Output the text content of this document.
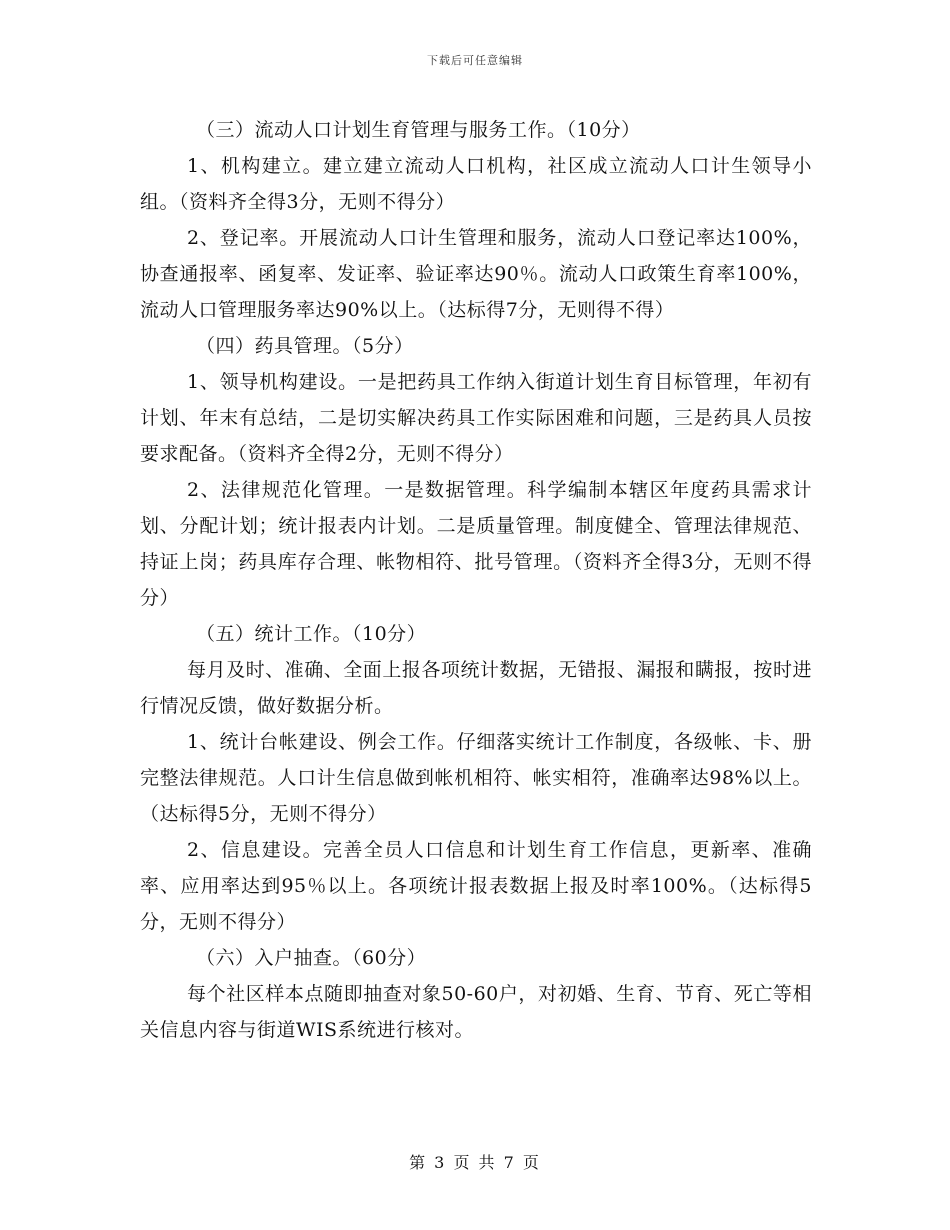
下载后可任意编辑

（三）流动人口计划生育管理与服务工作。（10分）

1、机构建立。建立建立流动人口机构，社区成立流动人口计生领导小组。（资料齐全得3分，无则不得分）

2、登记率。开展流动人口计生管理和服务，流动人口登记率达100%，协查通报率、函复率、发证率、验证率达90％。流动人口政策生育率100%，流动人口管理服务率达90%以上。（达标得7分，无则得不得）

（四）药具管理。（5分）

1、领导机构建设。一是把药具工作纳入街道计划生育目标管理，年初有计划、年末有总结，二是切实解决药具工作实际困难和问题，三是药具人员按要求配备。（资料齐全得2分，无则不得分）

2、法律规范化管理。一是数据管理。科学编制本辖区年度药具需求计划、分配计划；统计报表内计划。二是质量管理。制度健全、管理法律规范、持证上岗；药具库存合理、帐物相符、批号管理。（资料齐全得3分，无则不得分）

（五）统计工作。（10分）

每月及时、准确、全面上报各项统计数据，无错报、漏报和瞒报，按时进行情况反馈，做好数据分析。

1、统计台帐建设、例会工作。仔细落实统计工作制度，各级帐、卡、册完整法律规范。人口计生信息做到帐机相符、帐实相符，准确率达98%以上。（达标得5分，无则不得分）

2、信息建设。完善全员人口信息和计划生育工作信息，更新率、准确率、应用率达到95％以上。各项统计报表数据上报及时率100%。（达标得5分，无则不得分）

（六）入户抽查。（60分）

每个社区样本点随即抽查对象50-60户，对初婚、生育、节育、死亡等相关信息内容与街道WIS系统进行核对。

第 3 页 共 7 页
